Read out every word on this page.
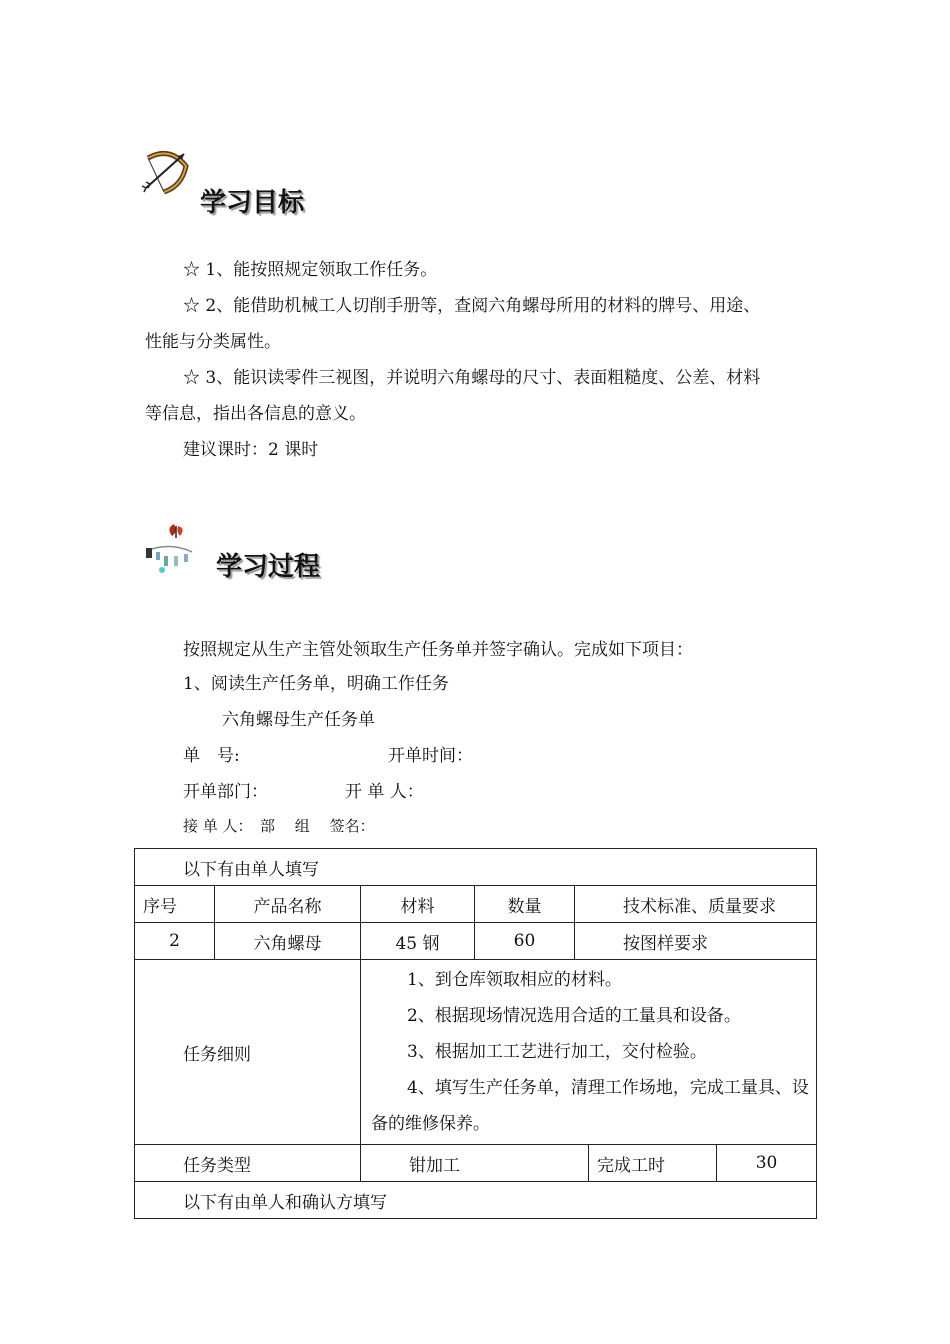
学习目标
☆ 1、能按照规定领取工作任务。
☆ 2、能借助机械工人切削手册等，查阅六角螺母所用的材料的牌号、用途、
性能与分类属性。
☆ 3、能识读零件三视图，并说明六角螺母的尺寸、表面粗糙度、公差、材料
等信息，指出各信息的意义。
建议课时：2 课时
学习过程
按照规定从生产主管处领取生产任务单并签字确认。完成如下项目：
1、阅读生产任务单，明确工作任务
六角螺母生产任务单
单　号:	开单时间：
开单部门：	开 单 人：
接 单 人：　部　 组　 签名：
以下有由单人填写						
序号	产品名称	材料	数量	技术标准、质量要求		
2	六角螺母	45 钢	60	按图样要求		
任务细则		1、到仓库领取相应的材料。
2、根据现场情况选用合适的工量具和设备。
3、根据加工工艺进行加工，交付检验。
4、填写生产任务单，清理工作场地，完成工量具、设备的维修保养。				

任务类型		钳加工			完成工时	30
以下有由单人和确认方填写						
